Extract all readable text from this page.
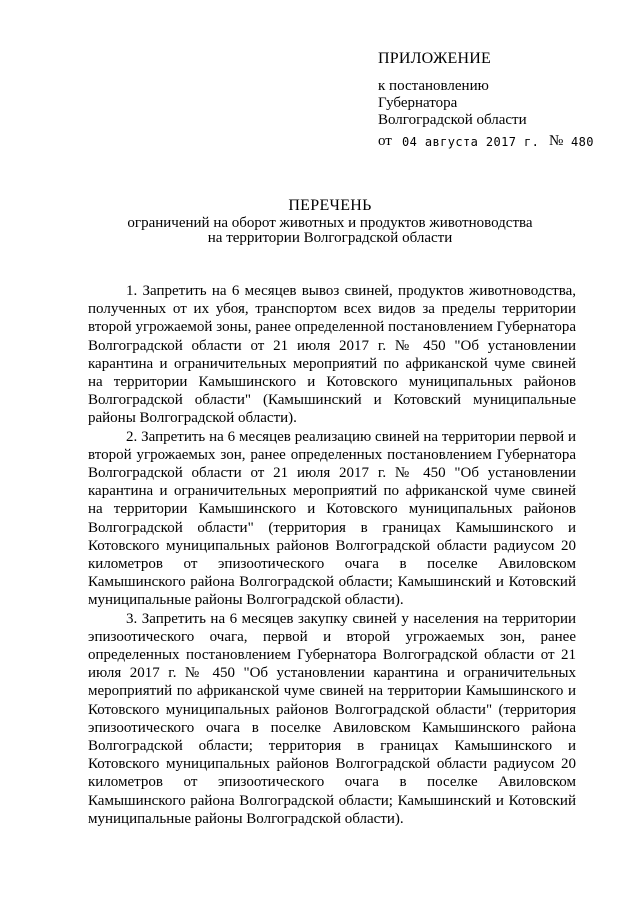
ПРИЛОЖЕНИЕ
к постановлению
Губернатора
Волгоградской области
от 04 августа 2017 г. № 480
ПЕРЕЧЕНЬ
ограничений на оборот животных и продуктов животноводства
на территории Волгоградской области

1. Запретить на 6 месяцев вывоз свиней, продуктов животноводства, полученных от их убоя, транспортом всех видов за пределы территории второй угрожаемой зоны, ранее определенной постановлением Губернатора Волгоградской области от 21 июля 2017 г. № 450 "Об установлении карантина и ограничительных мероприятий по африканской чуме свиней на территории Камышинского и Котовского муниципальных районов Волгоградской области" (Камышинский и Котовский муниципальные районы Волгоградской области).

2. Запретить на 6 месяцев реализацию свиней на территории первой и второй угрожаемых зон, ранее определенных постановлением Губернатора Волгоградской области от 21 июля 2017 г. № 450 "Об установлении карантина и ограничительных мероприятий по африканской чуме свиней на территории Камышинского и Котовского муниципальных районов Волгоградской области" (территория в границах Камышинского и Котовского муниципальных районов Волгоградской области радиусом 20 километров от эпизоотического очага в поселке Авиловском Камышинского района Волгоградской области; Камышинский и Котовский муниципальные районы Волгоградской области).

3. Запретить на 6 месяцев закупку свиней у населения на территории эпизоотического очага, первой и второй угрожаемых зон, ранее определенных постановлением Губернатора Волгоградской области от 21 июля 2017 г. № 450 "Об установлении карантина и ограничительных мероприятий по африканской чуме свиней на территории Камышинского и Котовского муниципальных районов Волгоградской области" (территория эпизоотического очага в поселке Авиловском Камышинского района Волгоградской области; территория в границах Камышинского и Котовского муниципальных районов Волгоградской области радиусом 20 километров от эпизоотического очага в поселке Авиловском Камышинского района Волгоградской области; Камышинский и Котовский муниципальные районы Волгоградской области).
